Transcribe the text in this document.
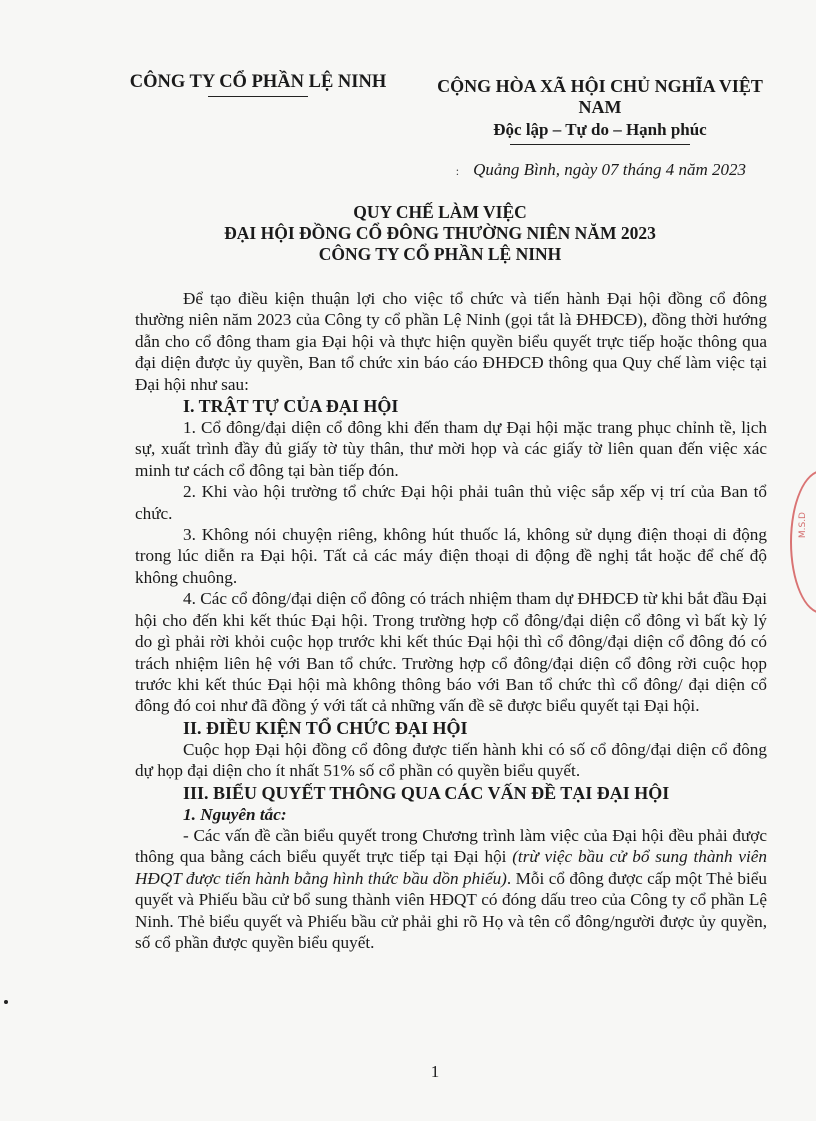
CÔNG TY CỔ PHẦN LỆ NINH	CỘNG HÒA XÃ HỘI CHỦ NGHĨA VIỆT NAM
Độc lập – Tự do – Hạnh phúc
: Quảng Bình, ngày 07 tháng 4 năm 2023
QUY CHẾ LÀM VIỆC
ĐẠI HỘI ĐỒNG CỔ ĐÔNG THƯỜNG NIÊN NĂM 2023
CÔNG TY CỔ PHẦN LỆ NINH

Để tạo điều kiện thuận lợi cho việc tổ chức và tiến hành Đại hội đồng cổ đông thường niên năm 2023 của Công ty cổ phần Lệ Ninh (gọi tắt là ĐHĐCĐ), đồng thời hướng dẫn cho cổ đông tham gia Đại hội và thực hiện quyền biểu quyết trực tiếp hoặc thông qua đại diện được ủy quyền, Ban tổ chức xin báo cáo ĐHĐCĐ thông qua Quy chế làm việc tại Đại hội như sau:

I. TRẬT TỰ CỦA ĐẠI HỘI

1. Cổ đông/đại diện cổ đông khi đến tham dự Đại hội mặc trang phục chỉnh tề, lịch sự, xuất trình đầy đủ giấy tờ tùy thân, thư mời họp và các giấy tờ liên quan đến việc xác minh tư cách cổ đông tại bàn tiếp đón.

2. Khi vào hội trường tổ chức Đại hội phải tuân thủ việc sắp xếp vị trí của Ban tổ chức.

3. Không nói chuyện riêng, không hút thuốc lá, không sử dụng điện thoại di động trong lúc diễn ra Đại hội. Tất cả các máy điện thoại di động đề nghị tắt hoặc để chế độ không chuông.

4. Các cổ đông/đại diện cổ đông có trách nhiệm tham dự ĐHĐCĐ từ khi bắt đầu Đại hội cho đến khi kết thúc Đại hội. Trong trường hợp cổ đông/đại diện cổ đông vì bất kỳ lý do gì phải rời khỏi cuộc họp trước khi kết thúc Đại hội thì cổ đông/đại diện cổ đông đó có trách nhiệm liên hệ với Ban tổ chức. Trường hợp cổ đông/đại diện cổ đông rời cuộc họp trước khi kết thúc Đại hội mà không thông báo với Ban tổ chức thì cổ đông/ đại diện cổ đông đó coi như đã đồng ý với tất cả những vấn đề sẽ được biểu quyết tại Đại hội.

II. ĐIỀU KIỆN TỔ CHỨC ĐẠI HỘI

Cuộc họp Đại hội đồng cổ đông được tiến hành khi có số cổ đông/đại diện cổ đông dự họp đại diện cho ít nhất 51% số cổ phần có quyền biểu quyết.

III. BIỂU QUYẾT THÔNG QUA CÁC VẤN ĐỀ TẠI ĐẠI HỘI
1. Nguyên tắc:

- Các vấn đề cần biểu quyết trong Chương trình làm việc của Đại hội đều phải được thông qua bằng cách biểu quyết trực tiếp tại Đại hội (trừ việc bầu cử bổ sung thành viên HĐQT được tiến hành bằng hình thức bầu dồn phiếu). Mỗi cổ đông được cấp một Thẻ biểu quyết và Phiếu bầu cử bổ sung thành viên HĐQT có đóng dấu treo của Công ty cổ phần Lệ Ninh. Thẻ biểu quyết và Phiếu bầu cử phải ghi rõ Họ và tên cổ đông/người được ủy quyền, số cổ phần được quyền biểu quyết.

M.S.D
1
